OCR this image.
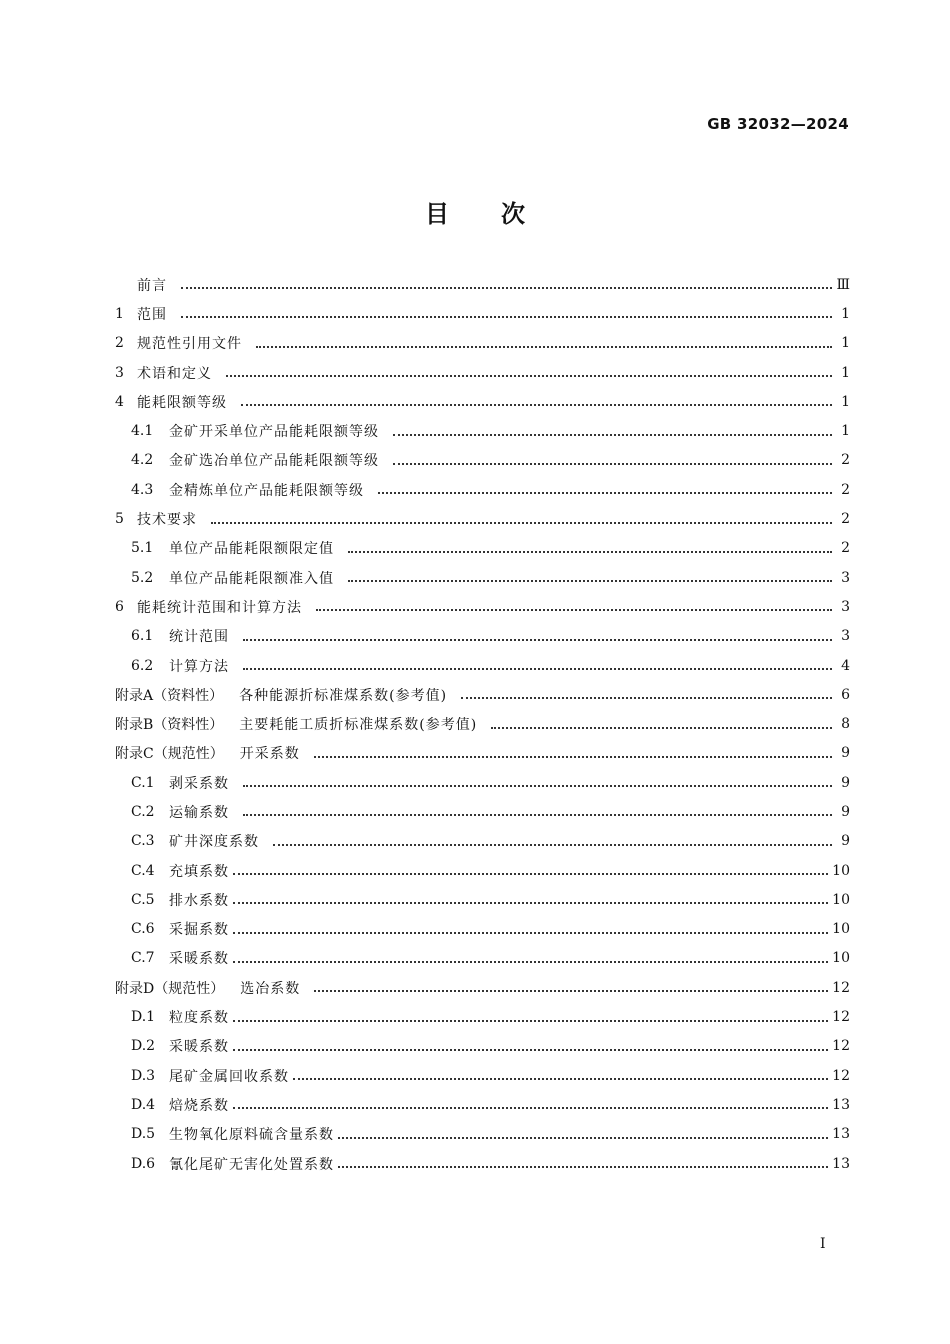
GB 32032—2024
目次
前言	Ⅲ
1 范围	1
2 规范性引用文件	1
3 术语和定义	1
4 能耗限额等级	1
4.1	金矿开采单位产品能耗限额等级	1
4.2	金矿选冶单位产品能耗限额等级	2
4.3	金精炼单位产品能耗限额等级	2
5 技术要求	2
5.1	单位产品能耗限额限定值	2
5.2	单位产品能耗限额准入值	3
6 能耗统计范围和计算方法	3
6.1	统计范围	3
6.2	计算方法	4
附录A（资料性） 各种能源折标准煤系数(参考值)	6
附录B（资料性） 主要耗能工质折标准煤系数(参考值)	8
附录C（规范性） 开采系数	9
C.1	剥采系数	9
C.2	运输系数	9
C.3	矿井深度系数	9
C.4	充填系数	10
C.5	排水系数	10
C.6	采掘系数	10
C.7	采暖系数	10
附录D（规范性） 选冶系数	12
D.1 粒度系数	12
D.2 采暖系数	12
D.3 尾矿金属回收系数	12
D.4 焙烧系数	13
D.5 生物氧化原料硫含量系数	13
D.6 氰化尾矿无害化处置系数	13
Ⅰ
